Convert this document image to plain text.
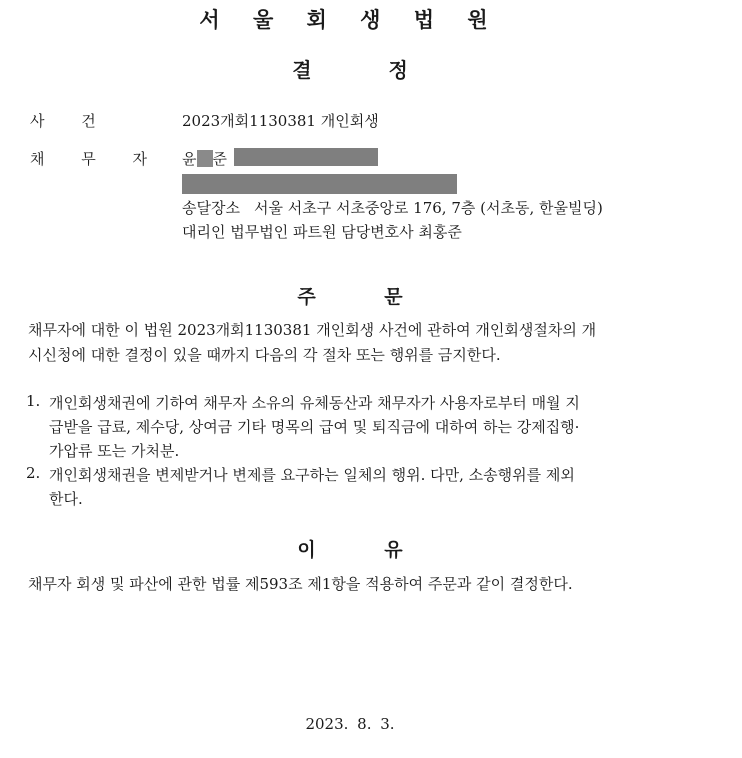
서 울 회 생 법 원
결 정
사 건	2023개회1130381 개인회생
채 무 자 윤 준
송달장소 서울 서초구 서초중앙로 176, 7층 (서초동, 한울빌딩)
대리인 법무법인 파트원 담당변호사 최홍준
주 문
채무자에 대한 이 법원 2023개회1130381 개인회생 사건에 관하여 개인회생절차의 개
시신청에 대한 결정이 있을 때까지 다음의 각 절차 또는 행위를 금지한다.
1. 개인회생채권에 기하여 채무자 소유의 유체동산과 채무자가 사용자로부터 매월 지
급받을 급료, 제수당, 상여금 기타 명목의 급여 및 퇴직금에 대하여 하는 강제집행·
가압류 또는 가처분.
2. 개인회생채권을 변제받거나 변제를 요구하는 일체의 행위. 다만, 소송행위를 제외
한다.
이 유
채무자 회생 및 파산에 관한 법률 제593조 제1항을 적용하여 주문과 같이 결정한다.
2023. 8. 3.
